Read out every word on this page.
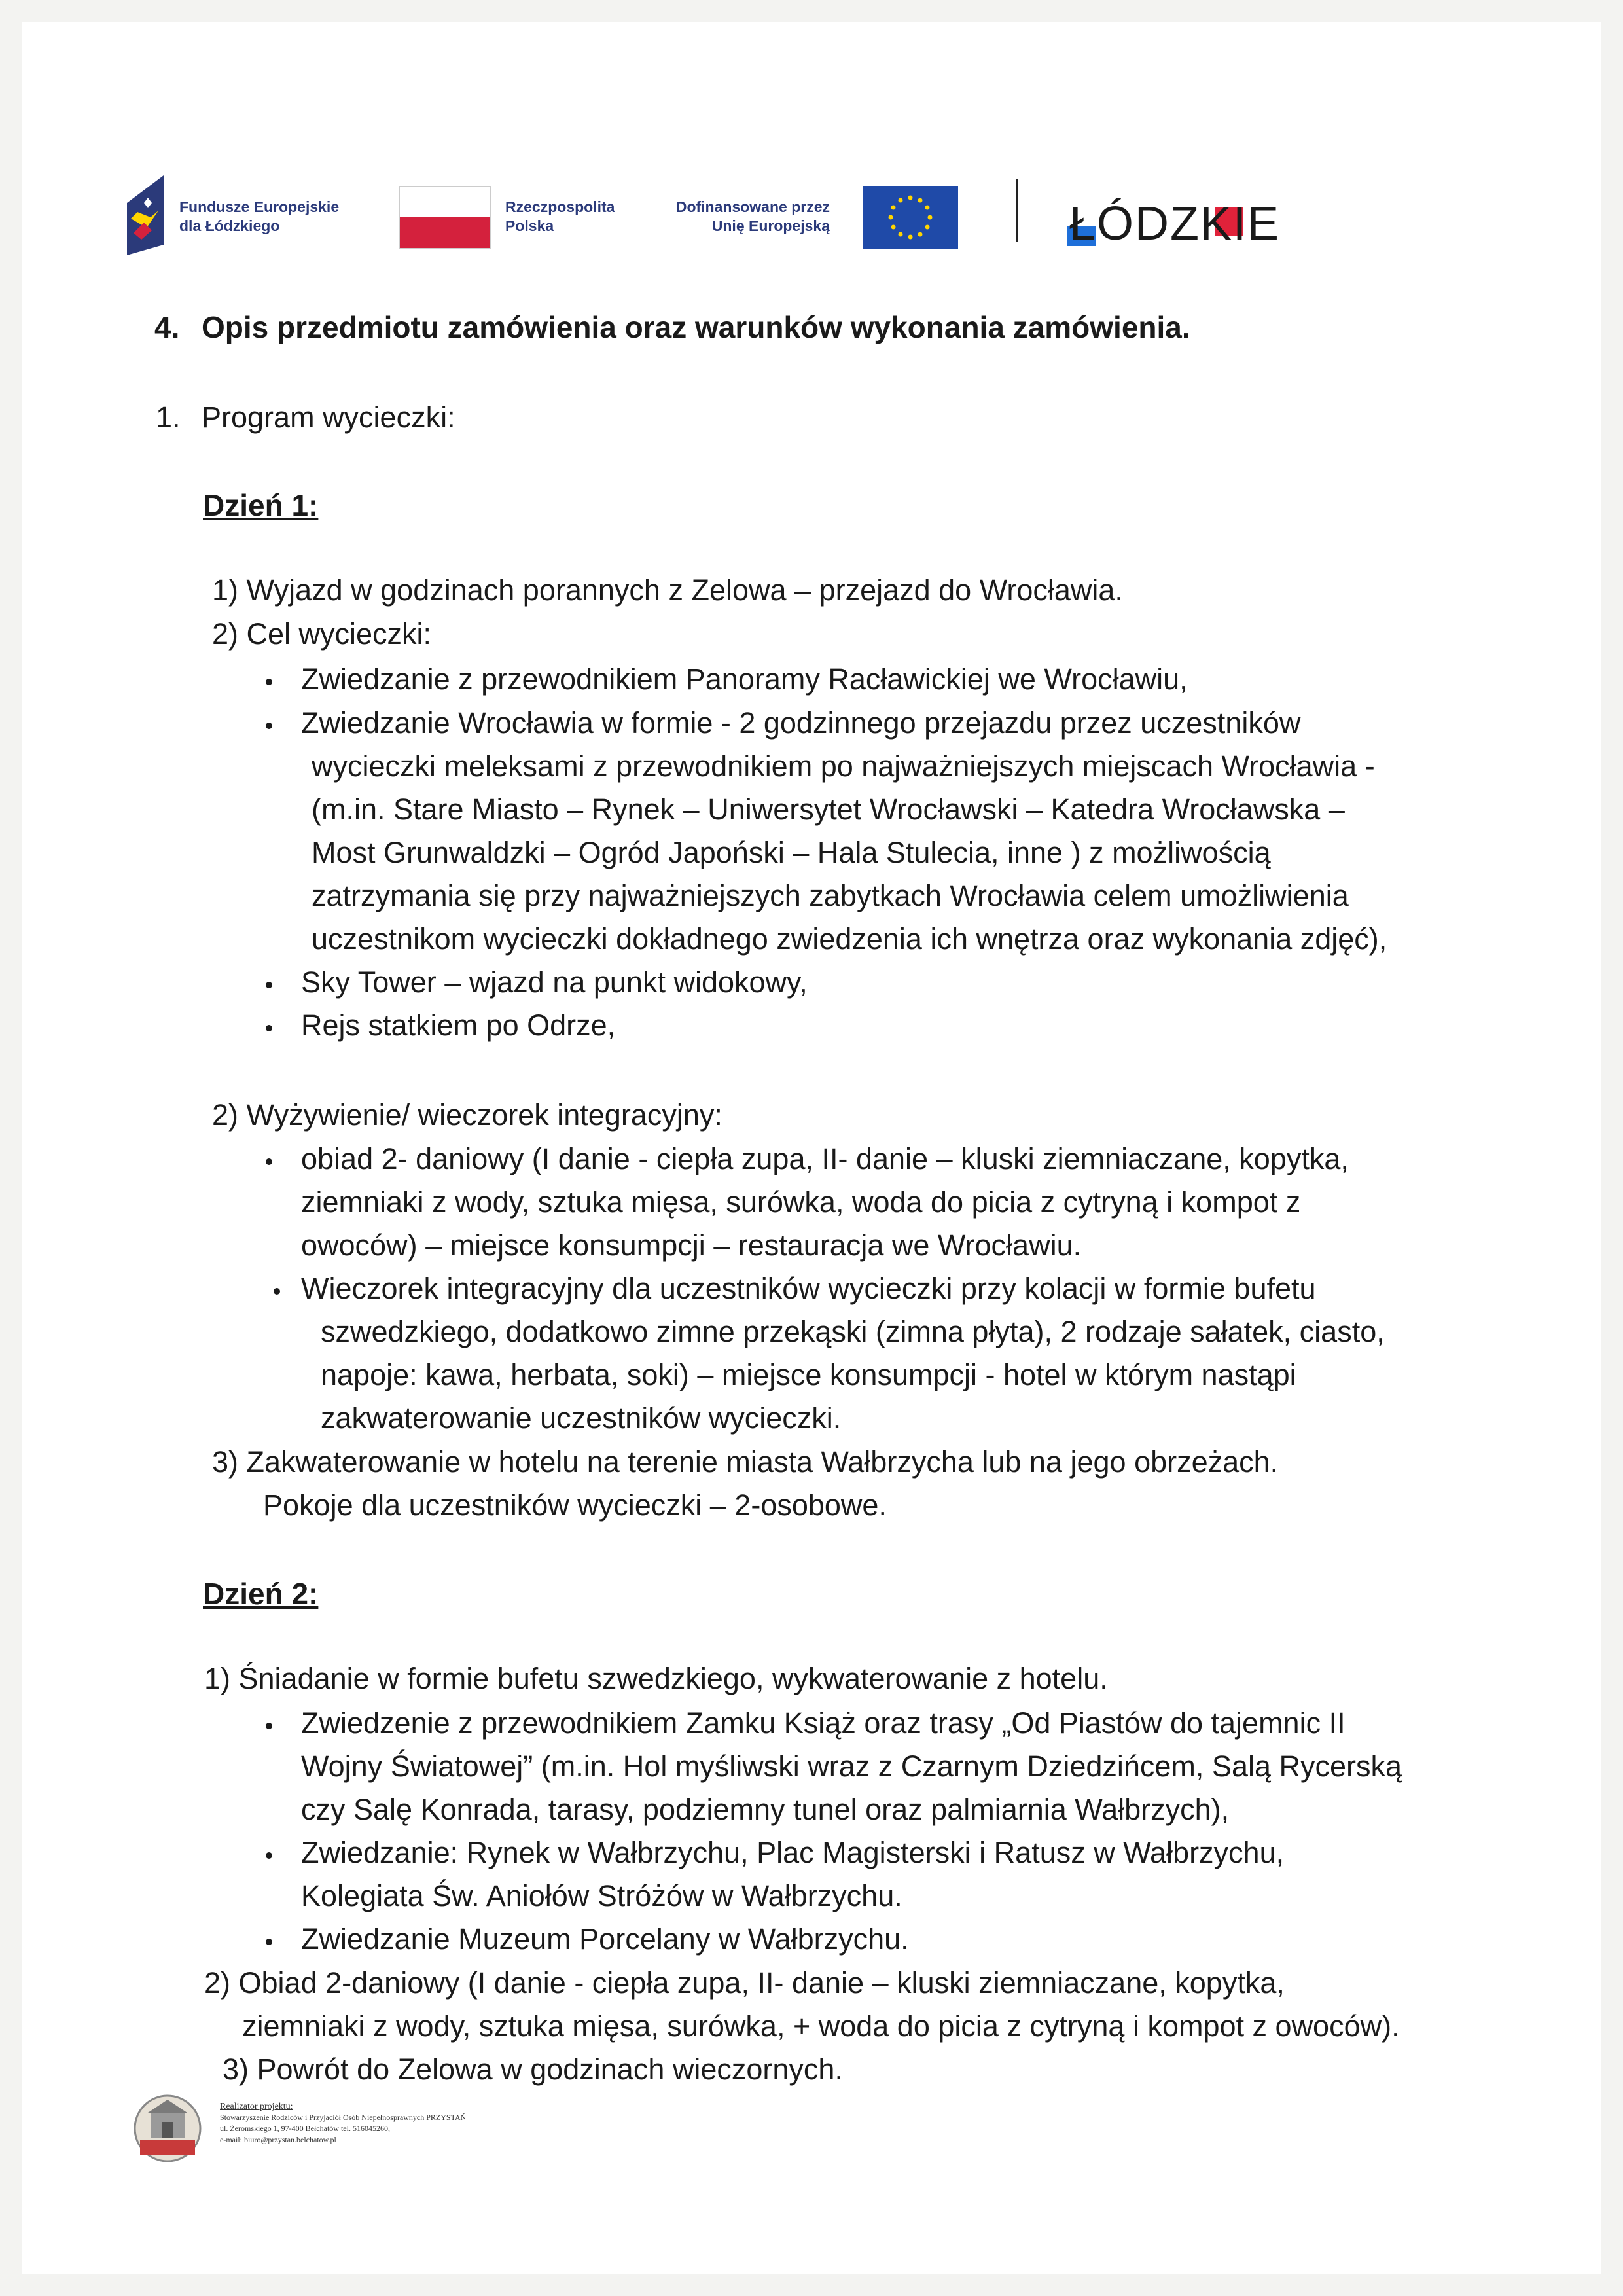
Fundusze Europejskie
dla Łódzkiego
Rzeczpospolita
Polska
Dofinansowane przez
Unię Europejską	ŁÓDZKIE
4. Opis przedmiotu zamówienia oraz warunków wykonania zamówienia.
1. Program wycieczki:
Dzień 1:
1) Wyjazd w godzinach porannych z Zelowa – przejazd do Wrocławia.
2) Cel wycieczki:
Zwiedzanie z przewodnikiem Panoramy Racławickiej we Wrocławiu,
Zwiedzanie Wrocławia w formie - 2 godzinnego przejazdu przez uczestników
wycieczki meleksami z przewodnikiem po najważniejszych miejscach Wrocławia -
(m.in. Stare Miasto – Rynek – Uniwersytet Wrocławski – Katedra Wrocławska –
Most Grunwaldzki – Ogród Japoński – Hala Stulecia, inne ) z możliwością
zatrzymania się przy najważniejszych zabytkach Wrocławia celem umożliwienia
uczestnikom wycieczki dokładnego zwiedzenia ich wnętrza oraz wykonania zdjęć),
Sky Tower – wjazd na punkt widokowy,
Rejs statkiem po Odrze,
2) Wyżywienie/ wieczorek integracyjny:
obiad 2- daniowy (I danie - ciepła zupa, II- danie – kluski ziemniaczane, kopytka,
ziemniaki z wody, sztuka mięsa, surówka, woda do picia z cytryną i kompot z
owoców) – miejsce konsumpcji – restauracja we Wrocławiu.
Wieczorek integracyjny dla uczestników wycieczki przy kolacji w formie bufetu
szwedzkiego, dodatkowo zimne przekąski (zimna płyta), 2 rodzaje sałatek, ciasto,
napoje: kawa, herbata, soki) – miejsce konsumpcji - hotel w którym nastąpi
zakwaterowanie uczestników wycieczki.
3) Zakwaterowanie w hotelu na terenie miasta Wałbrzycha lub na jego obrzeżach.
Pokoje dla uczestników wycieczki – 2-osobowe.
Dzień 2:
1) Śniadanie w formie bufetu szwedzkiego, wykwaterowanie z hotelu.
Zwiedzenie z przewodnikiem Zamku Książ oraz trasy „Od Piastów do tajemnic II
Wojny Światowej” (m.in. Hol myśliwski wraz z Czarnym Dziedzińcem, Salą Rycerską
czy Salę Konrada, tarasy, podziemny tunel oraz palmiarnia Wałbrzych),
Zwiedzanie: Rynek w Wałbrzychu, Plac Magisterski i Ratusz w Wałbrzychu,
Kolegiata Św. Aniołów Stróżów w Wałbrzychu.
Zwiedzanie Muzeum Porcelany w Wałbrzychu.
2) Obiad 2-daniowy (I danie - ciepła zupa, II- danie – kluski ziemniaczane, kopytka,
ziemniaki z wody, sztuka mięsa, surówka, + woda do picia z cytryną i kompot z owoców).
3) Powrót do Zelowa w godzinach wieczornych.
Realizator projektu:
Stowarzyszenie Rodziców i Przyjaciół Osób Niepełnosprawnych PRZYSTAŃ
ul. Żeromskiego 1, 97-400 Bełchatów tel. 516045260,
e-mail: biuro@przystan.belchatow.pl
